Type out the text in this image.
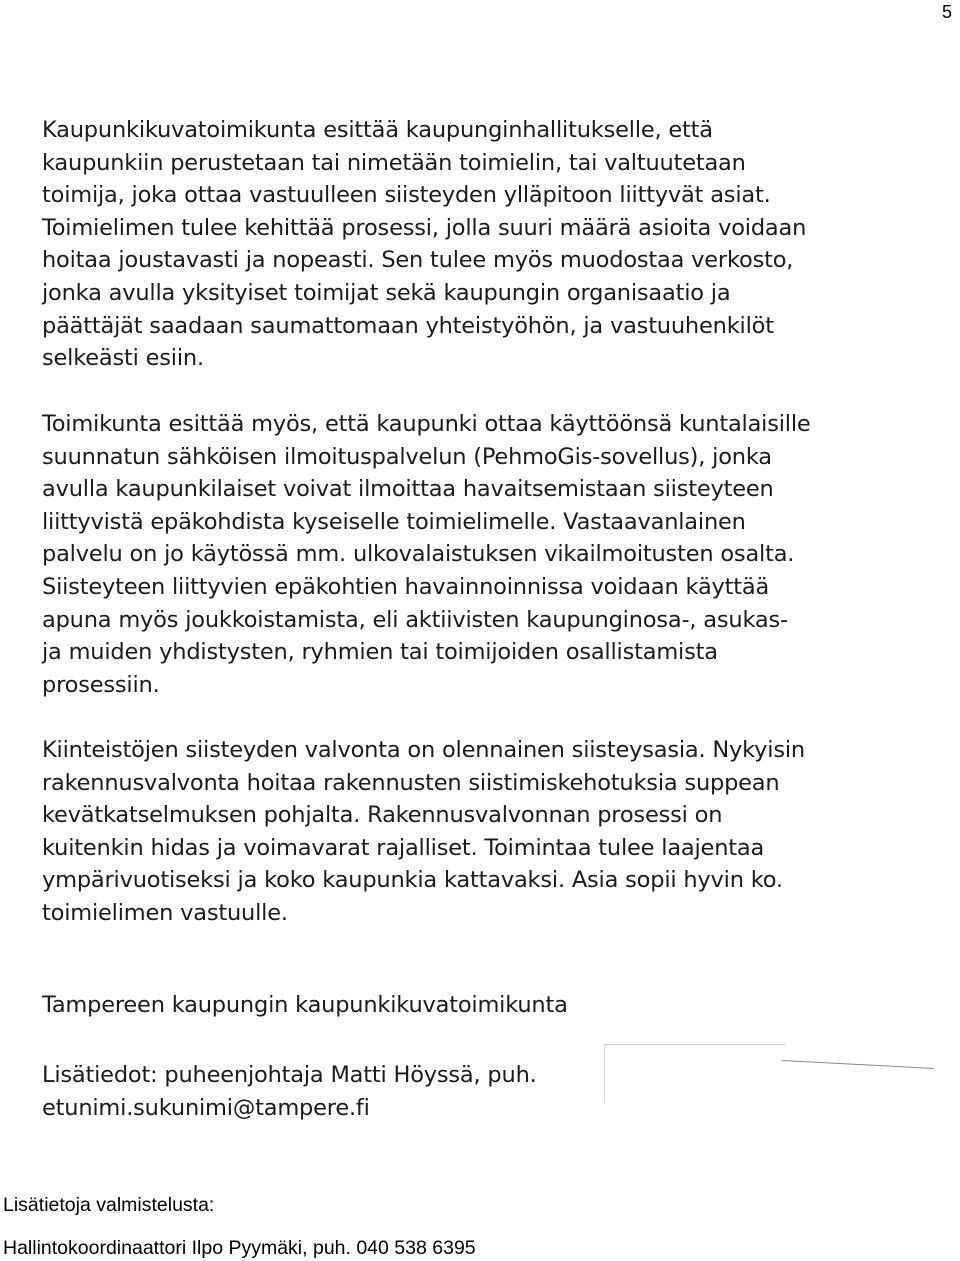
5

Kaupunkikuvatoimikunta esittää kaupunginhallitukselle, että
kaupunkiin perustetaan tai nimetään toimielin, tai valtuutetaan
toimija, joka ottaa vastuulleen siisteyden ylläpitoon liittyvät asiat.
Toimielimen tulee kehittää prosessi, jolla suuri määrä asioita voidaan
hoitaa joustavasti ja nopeasti. Sen tulee myös muodostaa verkosto,
jonka avulla yksityiset toimijat sekä kaupungin organisaatio ja
päättäjät saadaan saumattomaan yhteistyöhön, ja vastuuhenkilöt
selkeästi esiin.

Toimikunta esittää myös, että kaupunki ottaa käyttöönsä kuntalaisille
suunnatun sähköisen ilmoituspalvelun (PehmoGis-sovellus), jonka
avulla kaupunkilaiset voivat ilmoittaa havaitsemistaan siisteyteen
liittyvistä epäkohdista kyseiselle toimielimelle. Vastaavanlainen
palvelu on jo käytössä mm. ulkovalaistuksen vikailmoitusten osalta.
Siisteyteen liittyvien epäkohtien havainnoinnissa voidaan käyttää
apuna myös joukkoistamista, eli aktiivisten kaupunginosa-, asukas-
ja muiden yhdistysten, ryhmien tai toimijoiden osallistamista
prosessiin.

Kiinteistöjen siisteyden valvonta on olennainen siisteysasia. Nykyisin
rakennusvalvonta hoitaa rakennusten siistimiskehotuksia suppean
kevätkatselmuksen pohjalta. Rakennusvalvonnan prosessi on
kuitenkin hidas ja voimavarat rajalliset. Toimintaa tulee laajentaa
ympärivuotiseksi ja koko kaupunkia kattavaksi. Asia sopii hyvin ko.
toimielimen vastuulle.

Tampereen kaupungin kaupunkikuvatoimikunta

Lisätiedot: puheenjohtaja Matti Höyssä, puh.
etunimi.sukunimi@tampere.fi

Lisätietoja valmistelusta:
Hallintokoordinaattori Ilpo Pyymäki, puh. 040 538 6395
